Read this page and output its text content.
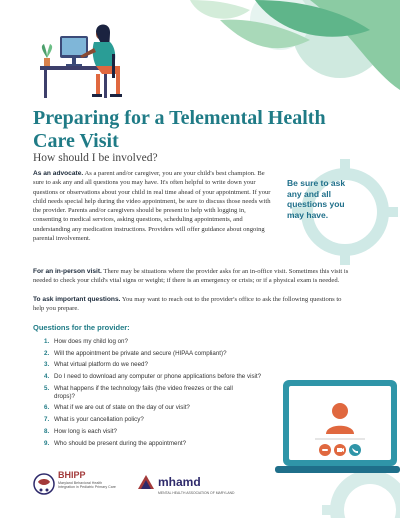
Preparing for a Telemental Health Care Visit
How should I be involved?
As an advocate. As a parent and/or caregiver, you are your child's best champion. Be sure to ask any and all questions you may have. It's often helpful to write down your questions or observations about your child in real time ahead of your appointment. If your child needs special help during the video appointment, be sure to discuss those needs with the provider. Parents and/or caregivers should be present to help with logging in, consenting to medical services, asking questions, scheduling appointments, and understanding any medication instructions. Providers will offer guidance about ongoing parental involvement.
Be sure to ask any and all questions you may have.
For an in-person visit. There may be situations where the provider asks for an in-office visit. Sometimes this visit is needed to check your child's vital signs or weight; if there is an emergency or crisis; or if a physical exam is needed.
To ask important questions. You may want to reach out to the provider's office to ask the following questions to help you prepare.
Questions for the provider:
1. How does my child log on?
2. Will the appointment be private and secure (HIPAA compliant)?
3. What virtual platform do we need?
4. Do I need to download any computer or phone applications before the visit?
5. What happens if the technology fails (the video freezes or the call drops)?
6. What if we are out of state on the day of our visit?
7. What is your cancellation policy?
8. How long is each visit?
9. Who should be present during the appointment?
BHIPP
Maryland Behavioral Health Integration in Pediatric Primary Care	mhamd
MENTAL HEALTH ASSOCIATION OF MARYLAND
